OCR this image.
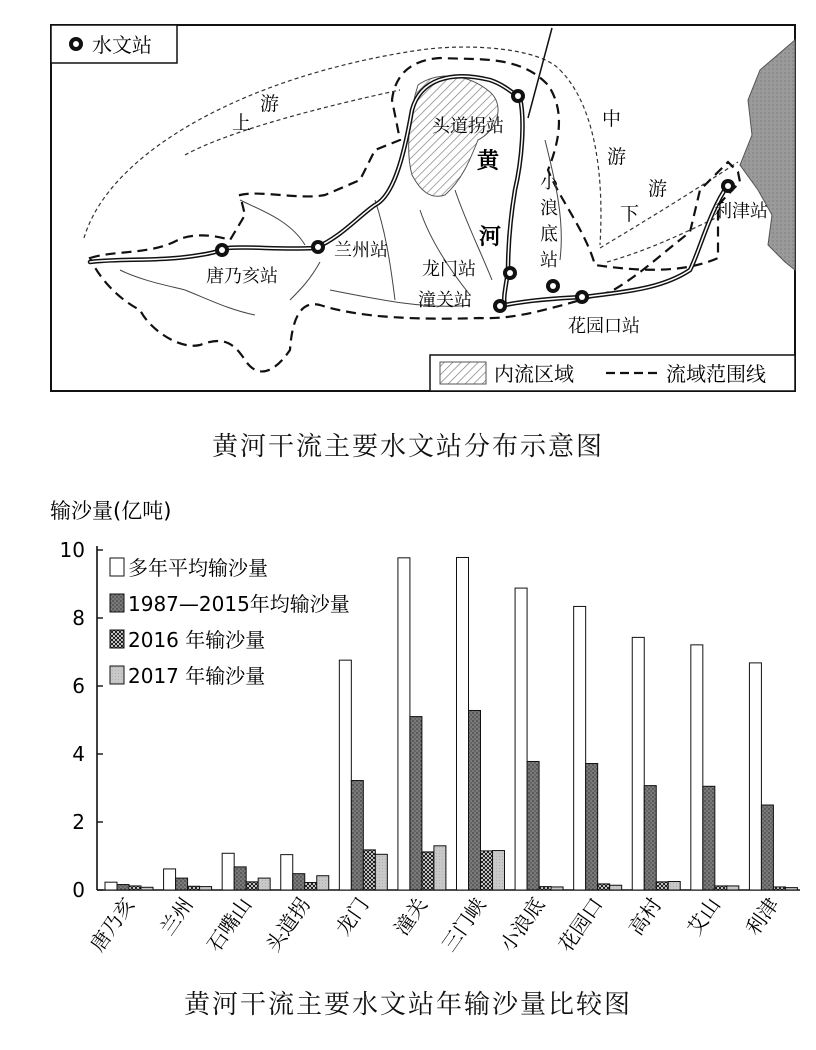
水文站
内流区域	流域范围线
上
游
中
游
下
游
黄
河
唐乃亥站
兰州站
头道拐站
龙门站
潼关站
小
浪
底
站
花园口站
利津站
黄河干流主要水文站分布示意图
输沙量(亿吨)
0
2
4
6
8
10
唐乃亥 兰州 石嘴山 头道拐 龙门 潼关 三门峡 小浪底 花园口 高村 艾山 利津
多年平均输沙量
1987—2015年均输沙量
2016 年输沙量
2017 年输沙量
黄河干流主要水文站年输沙量比较图
